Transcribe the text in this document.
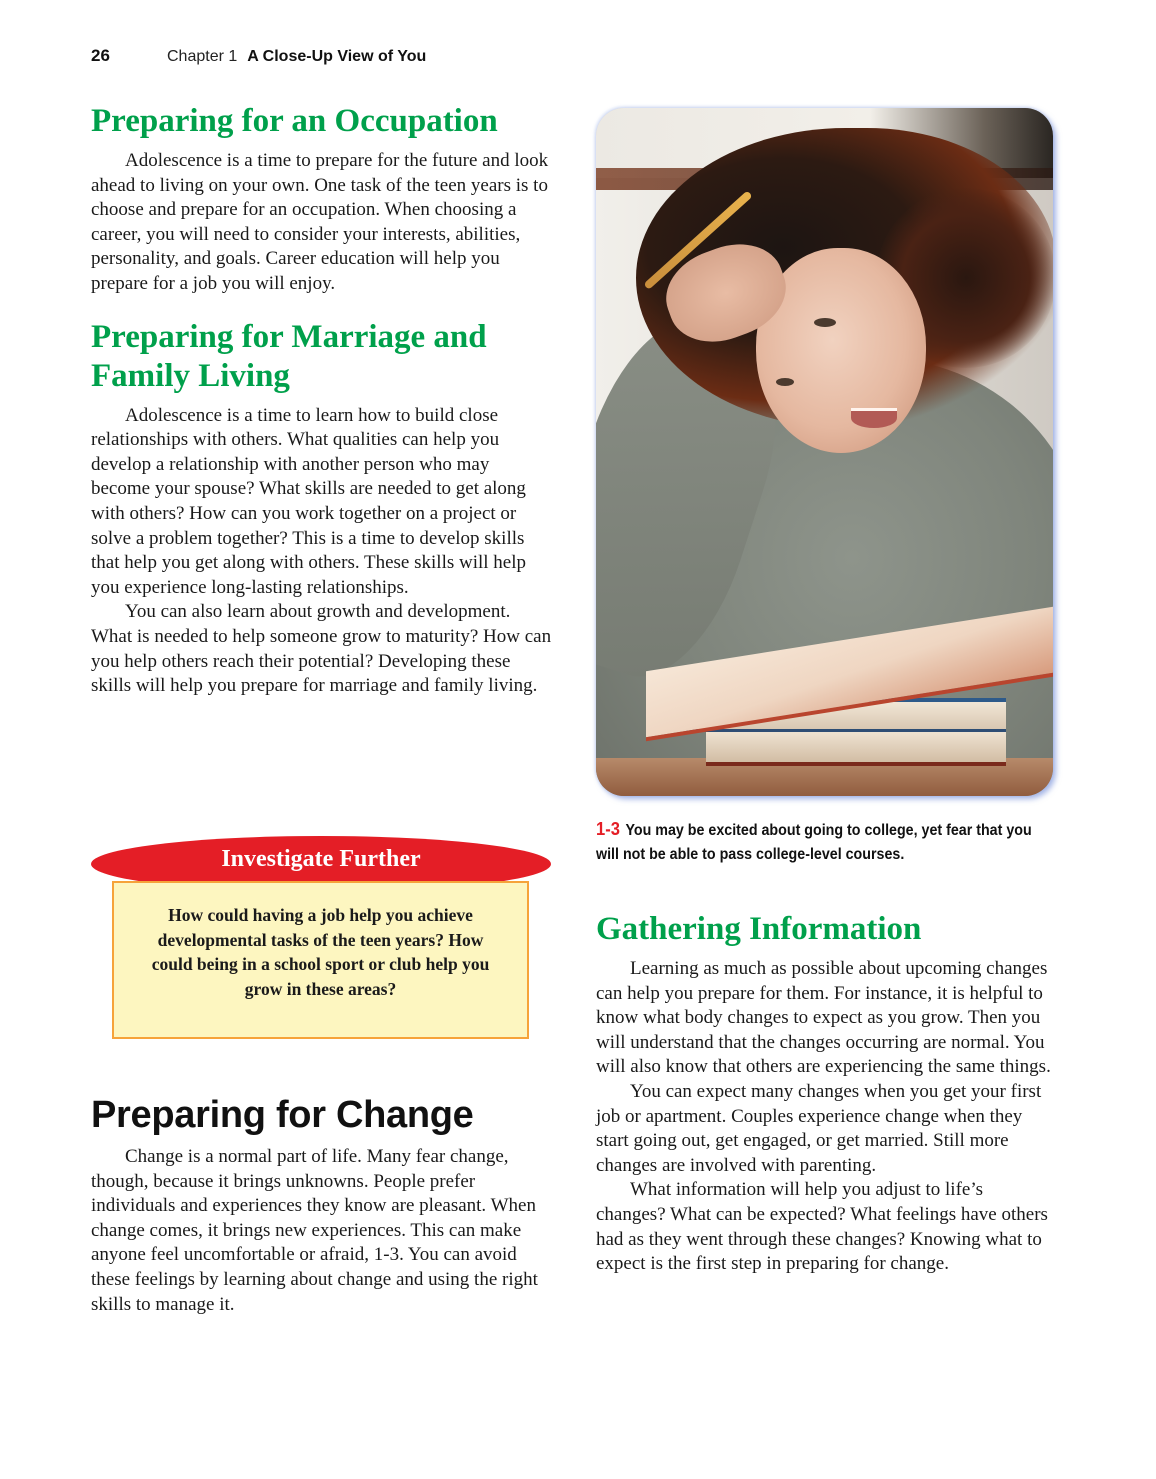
26	Chapter 1 A Close-Up View of You
Preparing for an Occupation

Adolescence is a time to prepare for the future and look ahead to living on your own. One task of the teen years is to choose and prepare for an occupation. When choosing a career, you will need to consider your interests, abilities, personality, and goals. Career education will help you prepare for a job you will enjoy.

Preparing for Marriage and Family Living

Adolescence is a time to learn how to build close relationships with others. What qualities can help you develop a relationship with another person who may become your spouse? What skills are needed to get along with others? How can you work together on a project or solve a problem together? This is a time to develop skills that help you get along with others. These skills will help you experience long-lasting relationships.

You can also learn about growth and development. What is needed to help someone grow to maturity? How can you help others reach their potential? Developing these skills will help you prepare for marriage and family living.

How could having a job help you achieve developmental tasks of the teen years? How could being in a school sport or club help you grow in these areas?
Investigate Further
Preparing for Change

Change is a normal part of life. Many fear change, though, because it brings unknowns. People prefer individuals and experiences they know are pleasant. When change comes, it brings new experiences. This can make anyone feel uncomfortable or afraid, 1-3. You can avoid these feelings by learning about change and using the right skills to manage it.

1-3 You may be excited about going to college, yet fear that you will not be able to pass college-level courses.
Gathering Information

Learning as much as possible about upcoming changes can help you prepare for them. For instance, it is helpful to know what body changes to expect as you grow. Then you will understand that the changes occurring are normal. You will also know that others are experiencing the same things.

You can expect many changes when you get your first job or apartment. Couples experience change when they start going out, get engaged, or get married. Still more changes are involved with parenting.

What information will help you adjust to life’s changes? What can be expected? What feelings have others had as they went through these changes? Knowing what to expect is the first step in preparing for change.
